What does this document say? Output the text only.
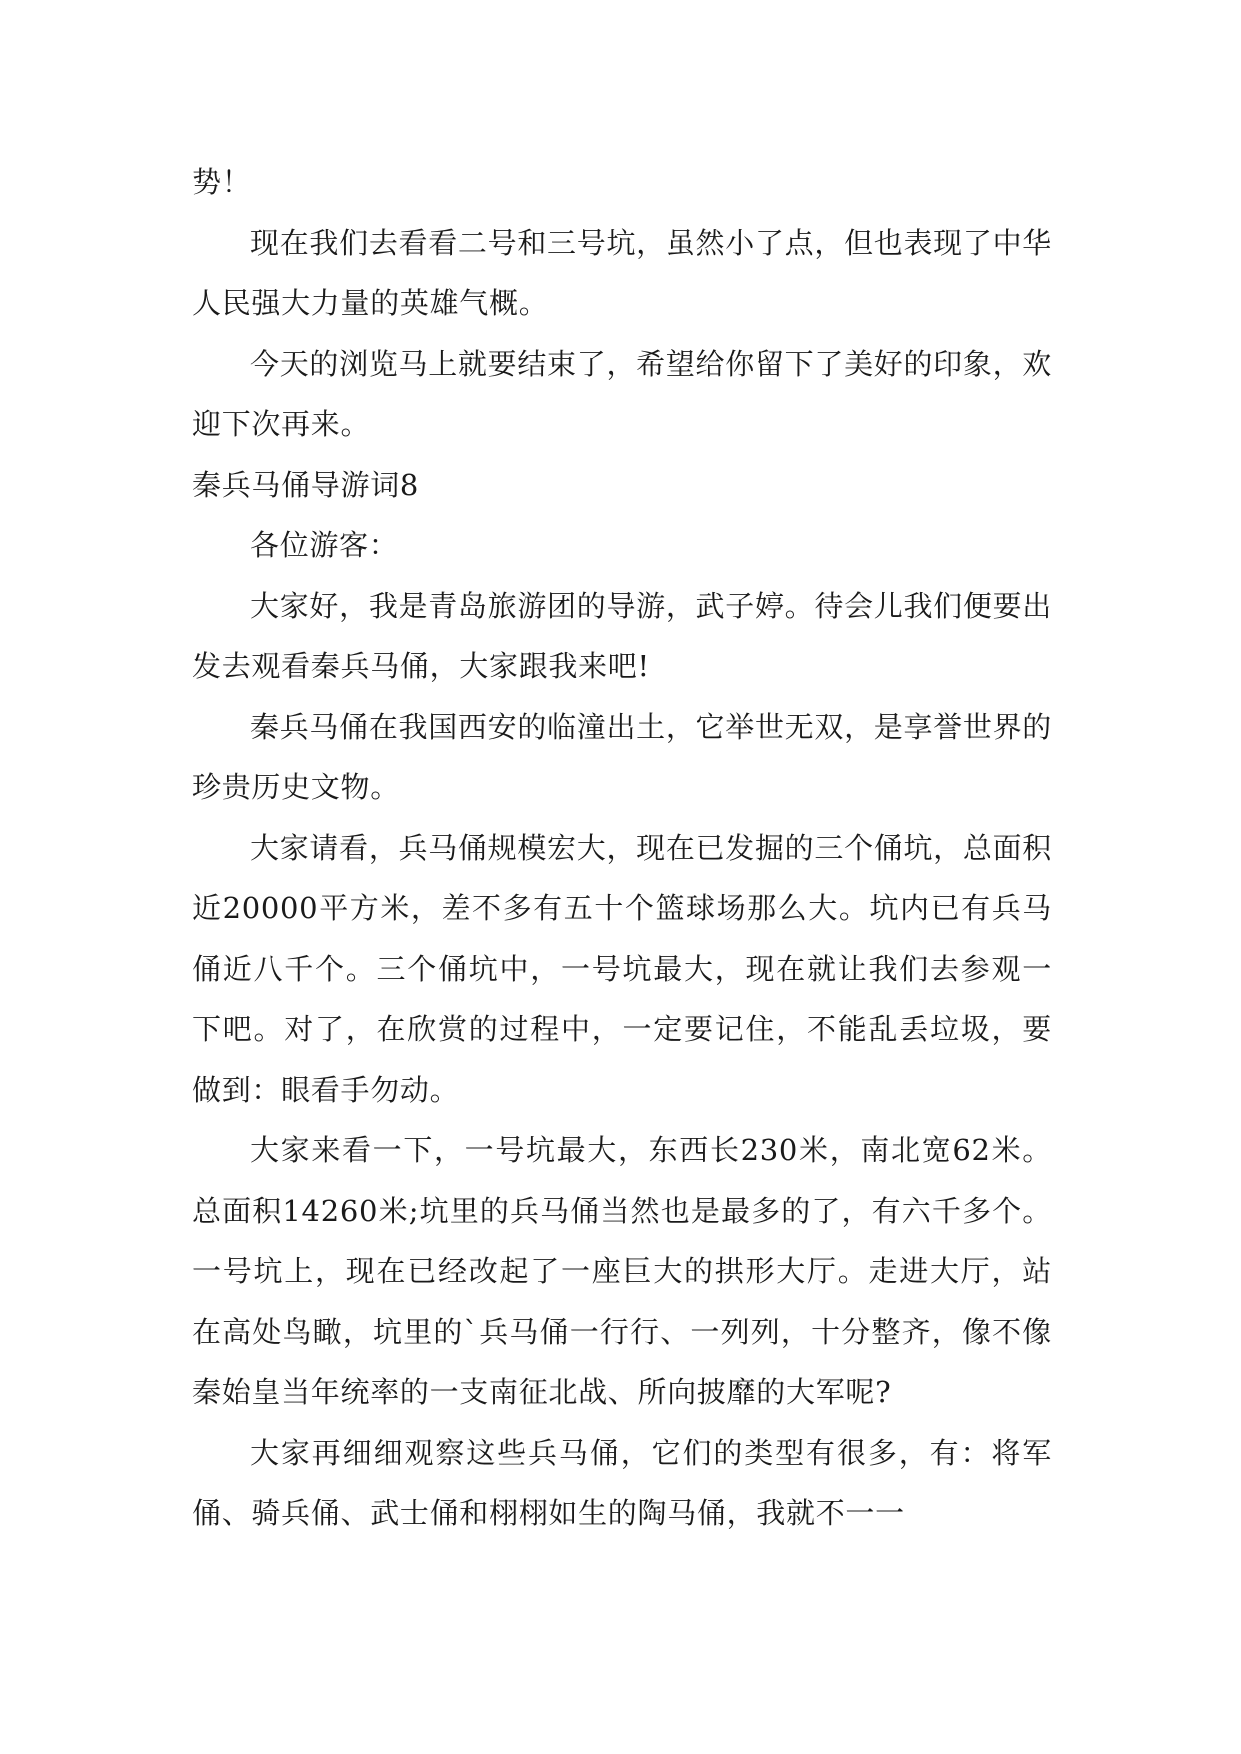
势！

现在我们去看看二号和三号坑，虽然小了点，但也表现了中华人民强大力量的英雄气概。

今天的浏览马上就要结束了，希望给你留下了美好的印象，欢迎下次再来。

秦兵马俑导游词8

各位游客：

大家好，我是青岛旅游团的导游，武子婷。待会儿我们便要出发去观看秦兵马俑，大家跟我来吧!

秦兵马俑在我国西安的临潼出土，它举世无双，是享誉世界的珍贵历史文物。

大家请看，兵马俑规模宏大，现在已发掘的三个俑坑，总面积近20000平方米，差不多有五十个篮球场那么大。坑内已有兵马俑近八千个。三个俑坑中，一号坑最大，现在就让我们去参观一下吧。对了，在欣赏的过程中，一定要记住，不能乱丢垃圾，要做到：眼看手勿动。

大家来看一下，一号坑最大，东西长230米，南北宽62米。总面积14260米;坑里的兵马俑当然也是最多的了，有六千多个。一号坑上，现在已经改起了一座巨大的拱形大厅。走进大厅，站在高处鸟瞰，坑里的`兵马俑一行行、一列列，十分整齐，像不像秦始皇当年统率的一支南征北战、所向披靡的大军呢?

大家再细细观察这些兵马俑，它们的类型有很多，有：将军俑、骑兵俑、武士俑和栩栩如生的陶马俑，我就不一一
